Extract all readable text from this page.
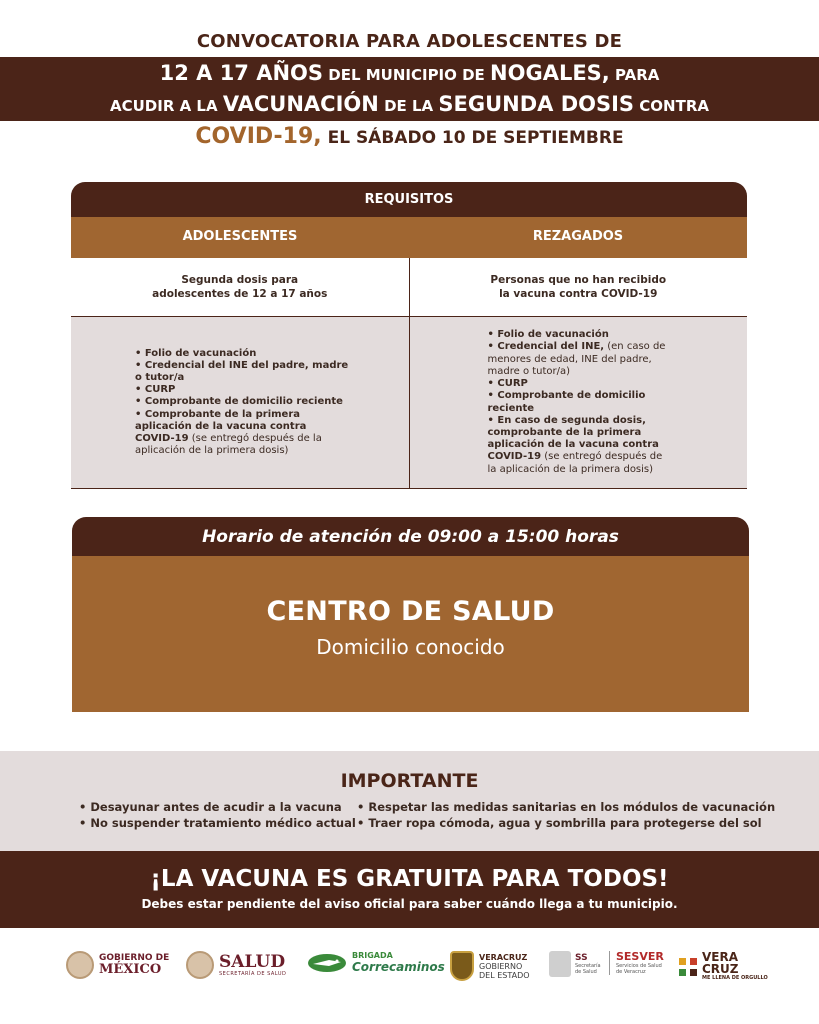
CONVOCATORIA PARA ADOLESCENTES DE
12 A 17 AÑOS DEL MUNICIPIO DE NOGALES, PARA
ACUDIR A LA VACUNACIÓN DE LA SEGUNDA DOSIS CONTRA
COVID-19, EL SÁBADO 10 DE SEPTIEMBRE
REQUISITOS
ADOLESCENTES	REZAGADOS
Segunda dosis para
adolescentes de 12 a 17 años
Personas que no han recibido
la vacuna contra COVID-19
• Folio de vacunación
• Credencial del INE del padre, madre o tutor/a
• CURP
• Comprobante de domicilio reciente
• Comprobante de la primera aplicación de la vacuna contra COVID-19 (se entregó después de la aplicación de la primera dosis)
• Folio de vacunación
• Credencial del INE, (en caso de menores de edad, INE del padre, madre o tutor/a)
• CURP
• Comprobante de domicilio reciente
• En caso de segunda dosis, comprobante de la primera aplicación de la vacuna contra COVID-19 (se entregó después de la aplicación de la primera dosis)
Horario de atención de 09:00 a 15:00 horas
CENTRO DE SALUD
Domicilio conocido
IMPORTANTE
• Desayunar antes de acudir a la vacuna
• No suspender tratamiento médico actual
• Respetar las medidas sanitarias en los módulos de vacunación
• Traer ropa cómoda, agua y sombrilla para protegerse del sol
¡LA VACUNA ES GRATUITA PARA TODOS!
Debes estar pendiente del aviso oficial para saber cuándo llega a tu municipio.
GOBIERNO DE
MÉXICO	SALUD
SECRETARÍA DE SALUD
BRIGADA
Correcaminos
VERACRUZ
GOBIERNO
DEL ESTADO
SS
Secretaría
de Salud
SESVER
Servicios de Salud
de Veracruz
VERA
CRUZ
ME LLENA DE ORGULLO
